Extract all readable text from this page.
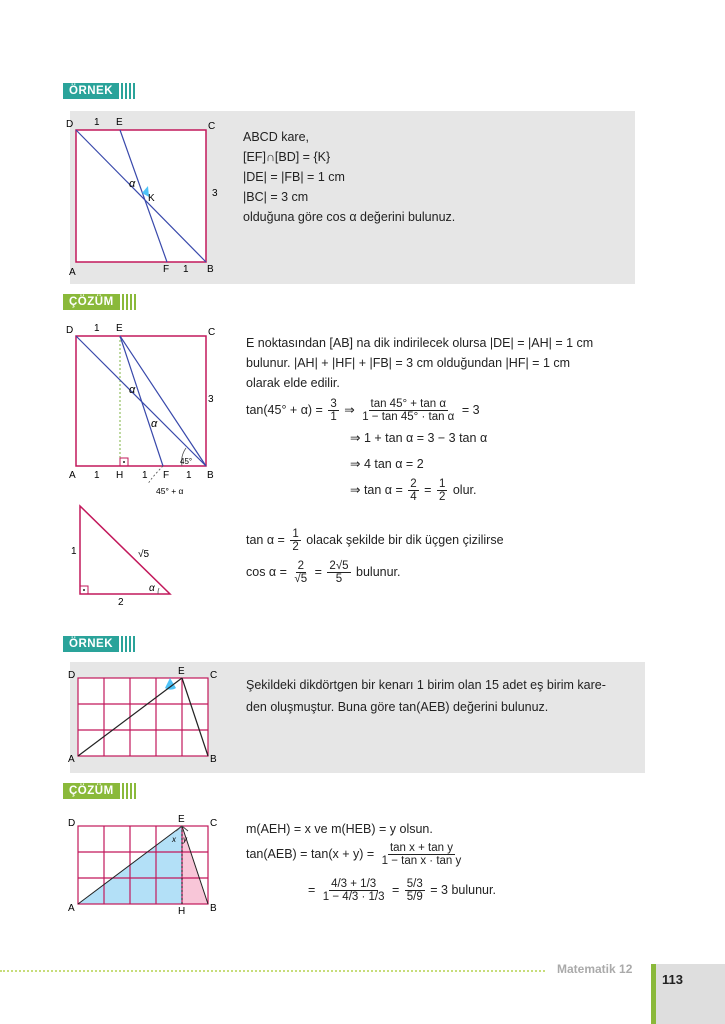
ÖRNEK
D 1 E	C
3
α
K
A	F 1 B
ABCD kare,
[EF]∩[BD] = {K}
|DE| = |FB| = 1 cm
|BC| = 3 cm
olduğuna göre cos α değerini bulunuz.
ÇÖZÜM
D 1 E	C
3
α
α
45°
A 1 H 1 F 1 B
45° + α
E noktasından [AB] na dik indirilecek olursa |DE| = |AH| = 1 cm
bulunur. |AH| + |HF| + |FB| = 3 cm olduğundan |HF| = 1 cm
olarak elde edilir.
$\tan(45^\circ + \alpha) = \frac{3}{1}$ ⇒ $\frac{\text{tan 45° + tan α}}{\text{1 − tan 45° · tan α}} = 3$
⇒ 1 + tan α = 3 − 3 tan α
⇒ 4 tan α = 2
⇒ $\tan \alpha = \frac{2}{4} = \frac{1}{2}$ olur.
1	√5
α
2
$\tan \alpha = \frac{1}{2}$ olacak şekilde bir dik üçgen çizilirse
$\cos \alpha = \frac{2}{√5} = \frac{2√5}{5}$ bulunur.
ÖRNEK
D	E	C
A	B
Şekildeki dikdörtgen bir kenarı 1 birim olan 15 adet eş birim kare-
den oluşmuştur. Buna göre tan(AEB) değerini bulunuz.
ÇÖZÜM
D	E	C
x y
A	H B
m(AEH) = x ve m(HEB) = y olsun.
$\tan(AEB) = \tan(x + y) = \frac{\text{tan x + tan y}}{\text{1 − tan x · tan y}}$
= $\frac{4/3 + 1/3}{1 - 4/3 \cdot 1/3} = \frac{5/3}{5/9} = 3$ bulunur.
Matematik 12
113
